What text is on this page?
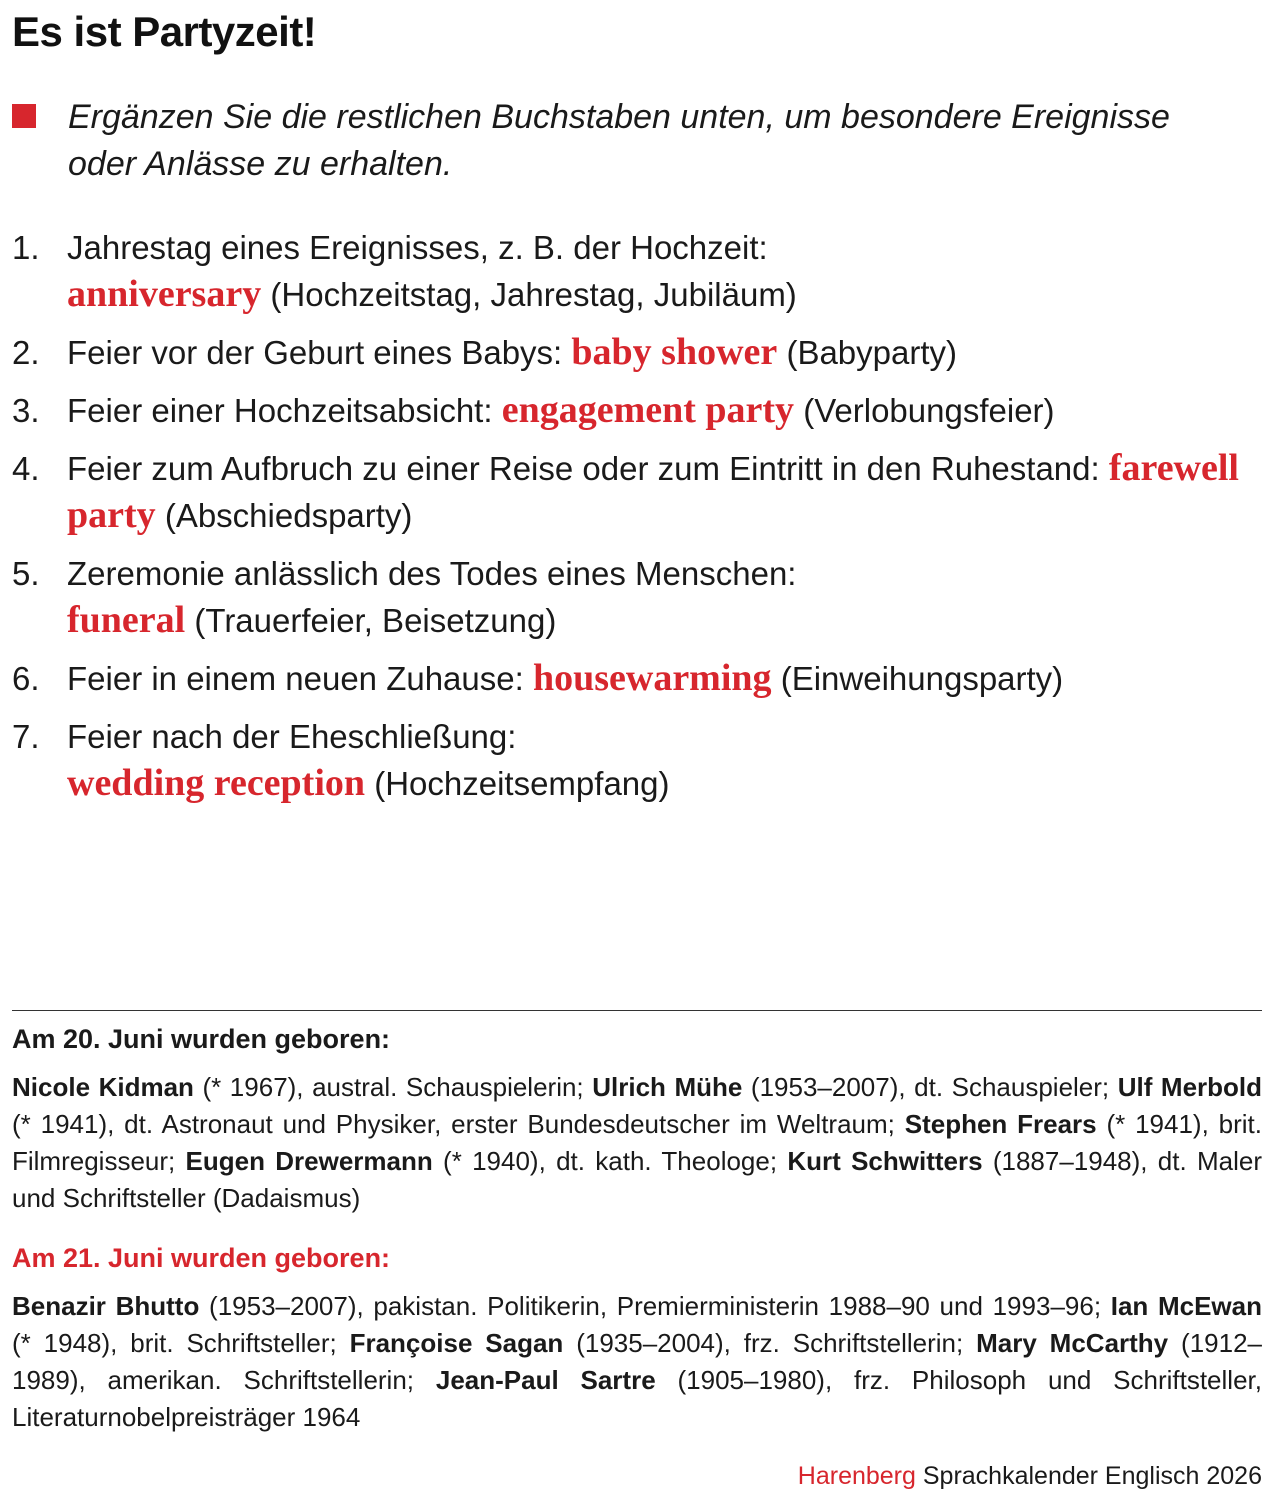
Es ist Partyzeit!
Ergänzen Sie die restlichen Buchstaben unten, um besondere Ereignisse oder Anlässe zu erhalten.
1. Jahrestag eines Ereignisses, z. B. der Hochzeit:
anniversary (Hochzeitstag, Jahrestag, Jubiläum)
2. Feier vor der Geburt eines Babys: baby shower (Babyparty)
3. Feier einer Hochzeitsabsicht: engagement party (Verlobungsfeier)
4. Feier zum Aufbruch zu einer Reise oder zum Eintritt in den Ruhestand: farewell party (Abschiedsparty)
5. Zeremonie anlässlich des Todes eines Menschen:
funeral (Trauerfeier, Beisetzung)
6. Feier in einem neuen Zuhause: housewarming (Einweihungsparty)
7. Feier nach der Eheschließung:
wedding reception (Hochzeitsempfang)
Am 20. Juni wurden geboren:

Nicole Kidman (* 1967), austral. Schauspielerin; Ulrich Mühe (1953–2007), dt. Schauspieler; Ulf Merbold (* 1941), dt. Astronaut und Physiker, erster Bundesdeutscher im Weltraum; Stephen Frears (* 1941), brit. Filmregisseur; Eugen Drewermann (* 1940), dt. kath. Theologe; Kurt Schwitters (1887–1948), dt. Maler und Schriftsteller (Dadaismus)

Am 21. Juni wurden geboren:

Benazir Bhutto (1953–2007), pakistan. Politikerin, Premierministerin 1988–90 und 1993–96; Ian McEwan (* 1948), brit. Schriftsteller; Françoise Sagan (1935–2004), frz. Schriftstellerin; Mary McCarthy (1912–1989), amerikan. Schriftstellerin; Jean-Paul Sartre (1905–1980), frz. Philosoph und Schriftsteller, Literaturnobelpreisträger 1964

Harenberg Sprachkalender Englisch 2026
